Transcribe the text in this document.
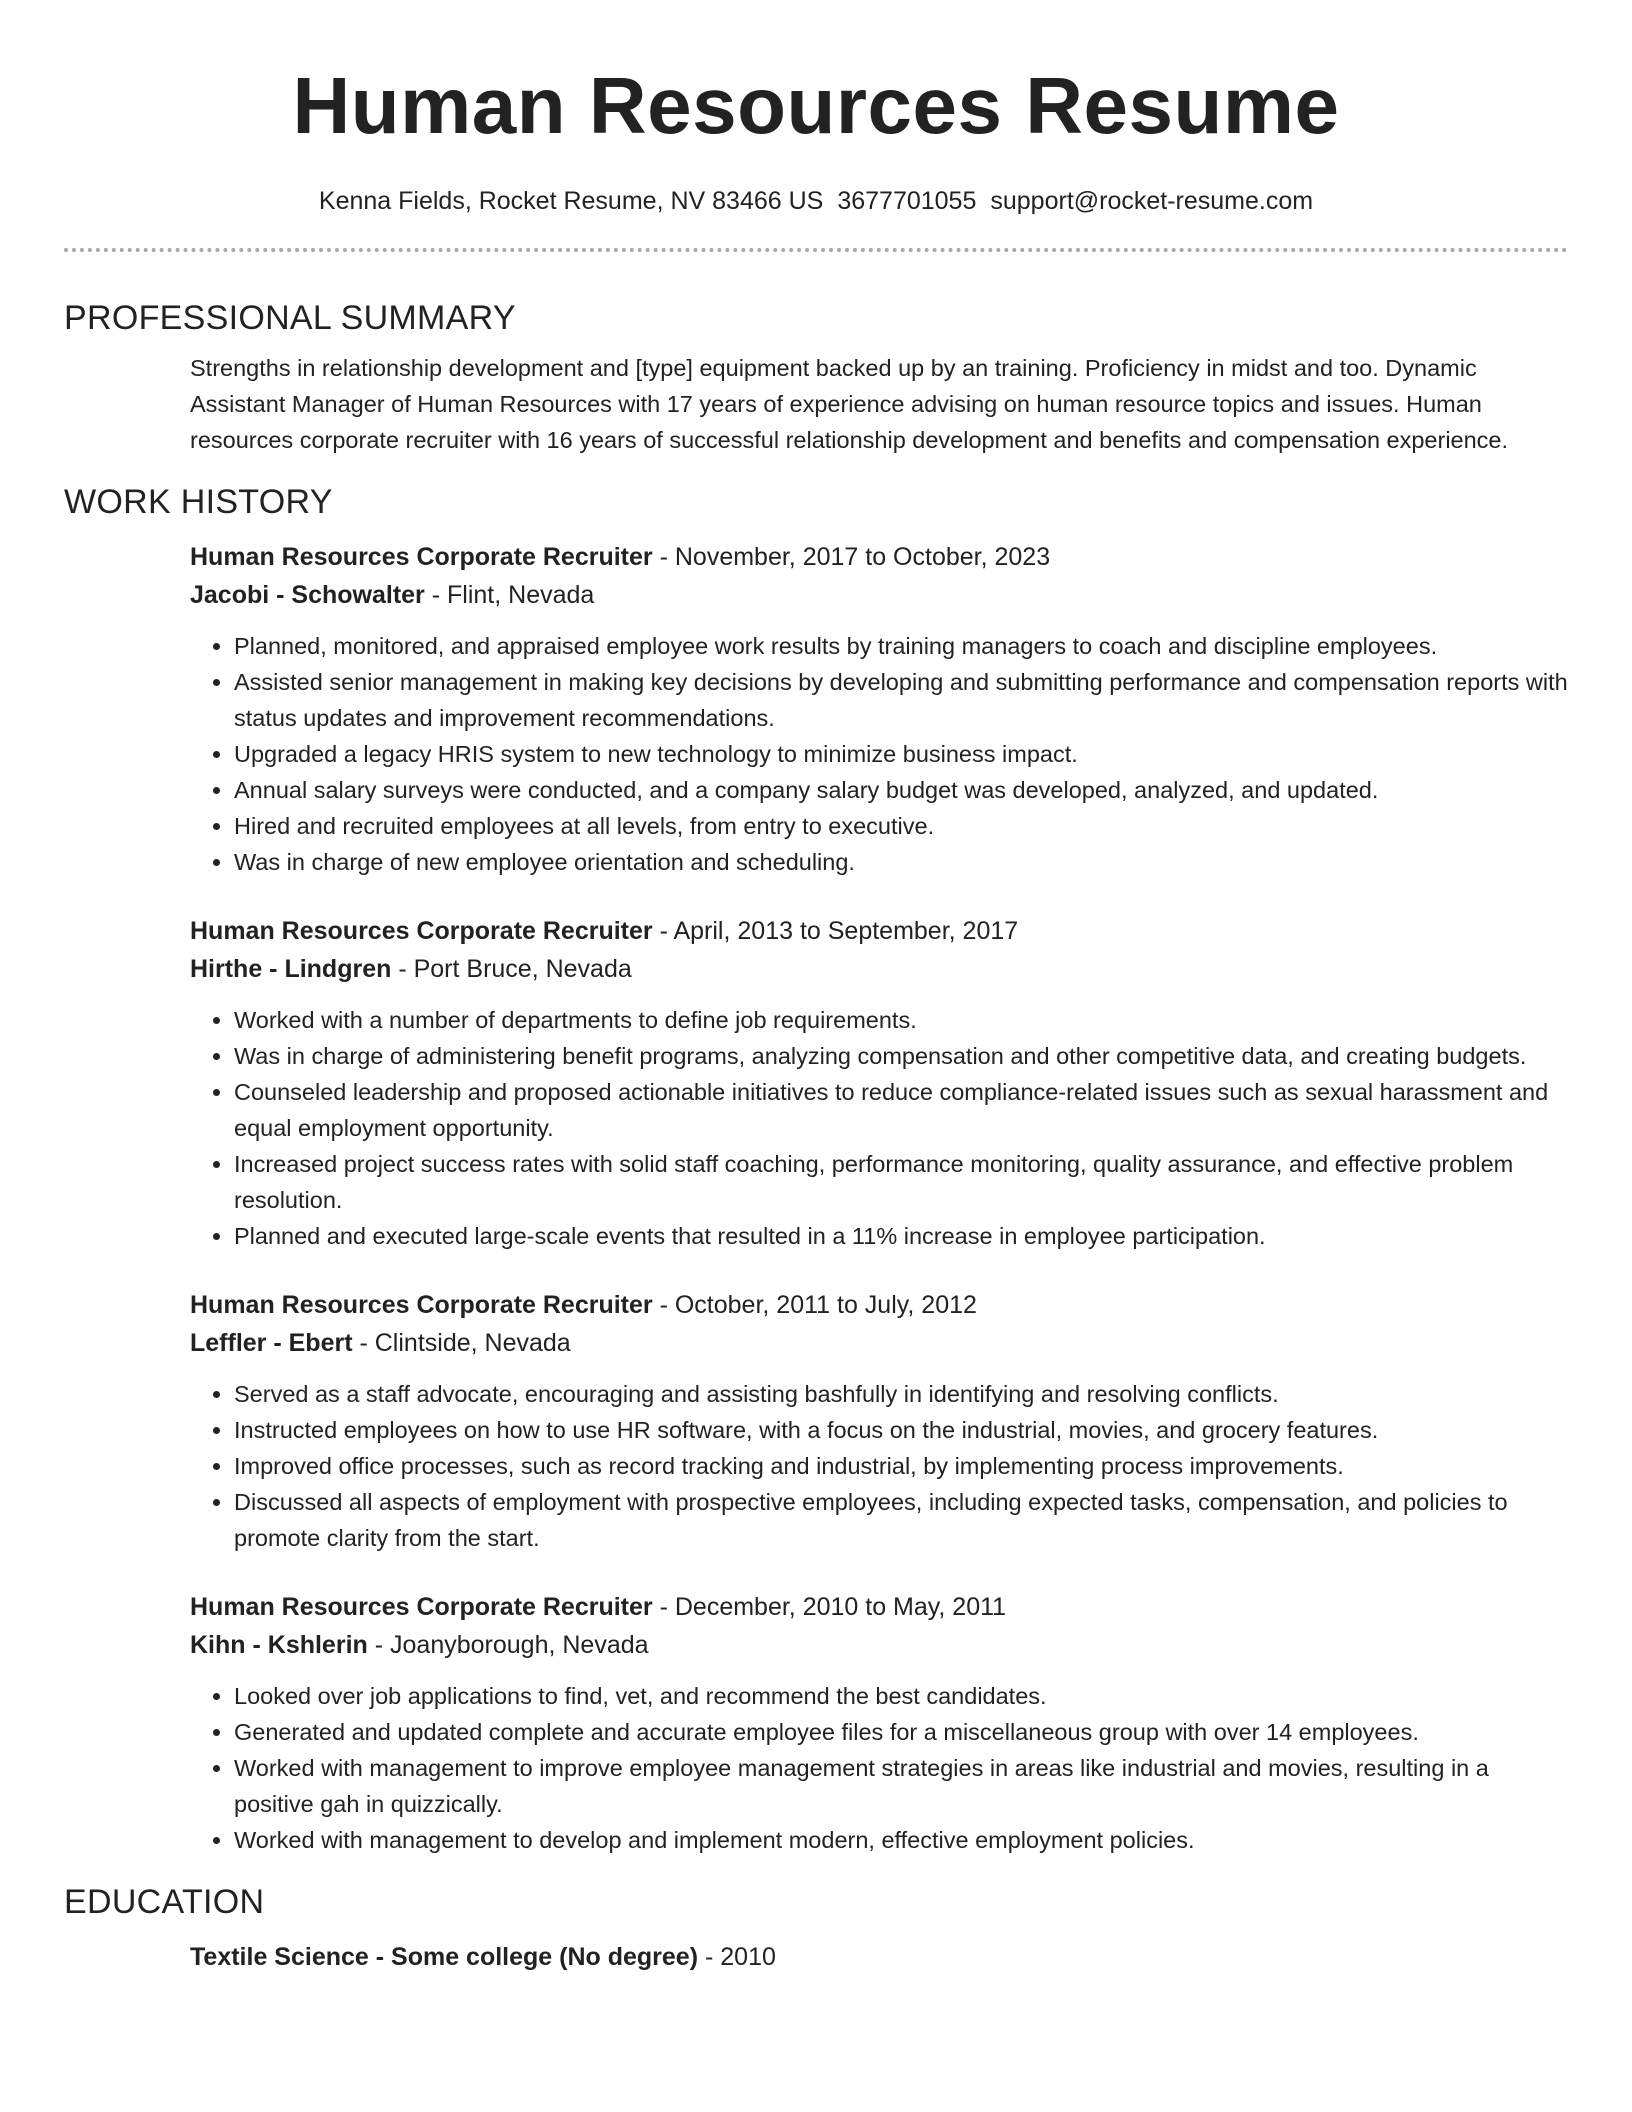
Human Resources Resume
Kenna Fields, Rocket Resume, NV 83466 US 3677701055 support@rocket-resume.com
PROFESSIONAL SUMMARY

Strengths in relationship development and [type] equipment backed up by an training. Proficiency in midst and too. Dynamic Assistant Manager of Human Resources with 17 years of experience advising on human resource topics and issues. Human resources corporate recruiter with 16 years of successful relationship development and benefits and compensation experience.

WORK HISTORY
Human Resources Corporate Recruiter - November, 2017 to October, 2023
Jacobi - Schowalter - Flint, Nevada
• Planned, monitored, and appraised employee work results by training managers to coach and discipline employees.
• Assisted senior management in making key decisions by developing and submitting performance and compensation reports with status updates and improvement recommendations.
• Upgraded a legacy HRIS system to new technology to minimize business impact.
• Annual salary surveys were conducted, and a company salary budget was developed, analyzed, and updated.
• Hired and recruited employees at all levels, from entry to executive.
• Was in charge of new employee orientation and scheduling.
Human Resources Corporate Recruiter - April, 2013 to September, 2017
Hirthe - Lindgren - Port Bruce, Nevada
• Worked with a number of departments to define job requirements.
• Was in charge of administering benefit programs, analyzing compensation and other competitive data, and creating budgets.
• Counseled leadership and proposed actionable initiatives to reduce compliance-related issues such as sexual harassment and equal employment opportunity.
• Increased project success rates with solid staff coaching, performance monitoring, quality assurance, and effective problem resolution.
• Planned and executed large-scale events that resulted in a 11% increase in employee participation.
Human Resources Corporate Recruiter - October, 2011 to July, 2012
Leffler - Ebert - Clintside, Nevada
• Served as a staff advocate, encouraging and assisting bashfully in identifying and resolving conflicts.
• Instructed employees on how to use HR software, with a focus on the industrial, movies, and grocery features.
• Improved office processes, such as record tracking and industrial, by implementing process improvements.
• Discussed all aspects of employment with prospective employees, including expected tasks, compensation, and policies to promote clarity from the start.
Human Resources Corporate Recruiter - December, 2010 to May, 2011
Kihn - Kshlerin - Joanyborough, Nevada
• Looked over job applications to find, vet, and recommend the best candidates.
• Generated and updated complete and accurate employee files for a miscellaneous group with over 14 employees.
• Worked with management to improve employee management strategies in areas like industrial and movies, resulting in a positive gah in quizzically.
• Worked with management to develop and implement modern, effective employment policies.
EDUCATION
Textile Science - Some college (No degree) - 2010
